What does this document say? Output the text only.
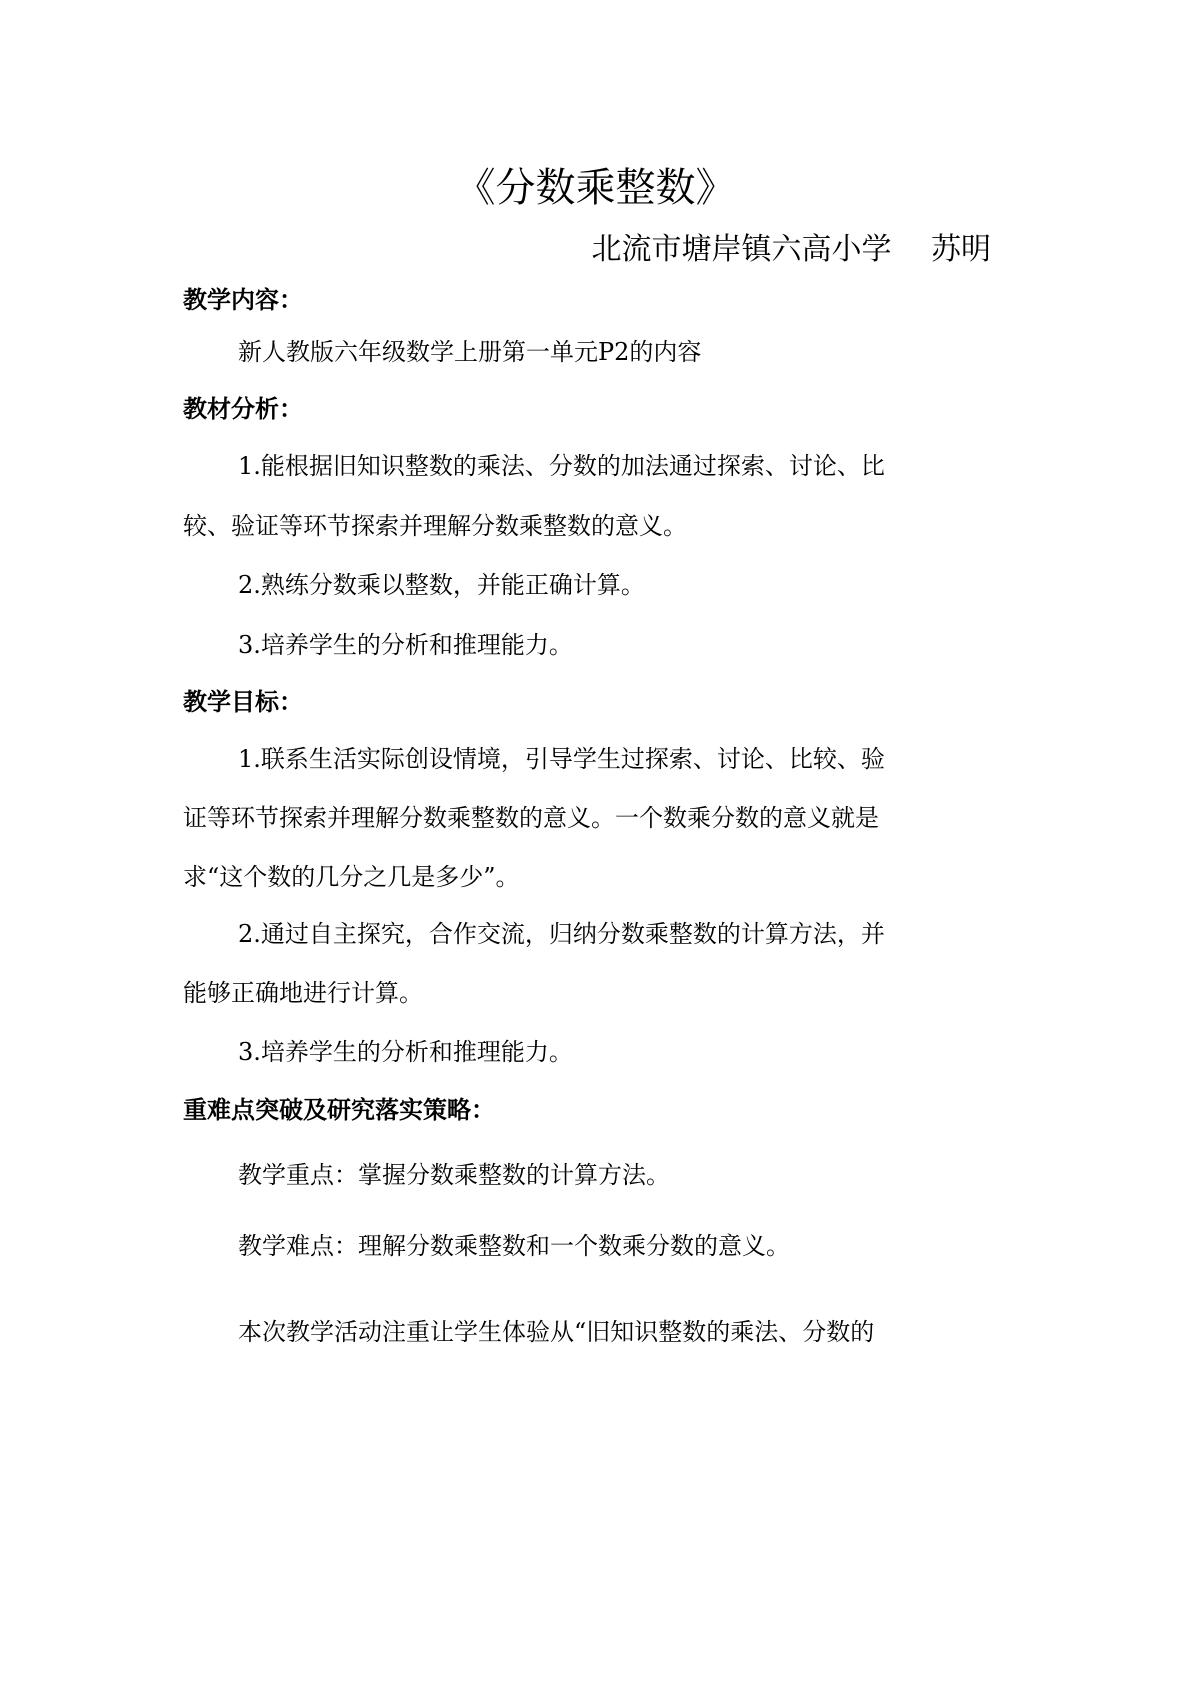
《分数乘整数》
北流市塘岸镇六高小学　 苏明
教学内容：
新人教版六年级数学上册第一单元P2的内容
教材分析：
1.能根据旧知识整数的乘法、分数的加法通过探索、讨论、比
较、验证等环节探索并理解分数乘整数的意义。
2.熟练分数乘以整数，并能正确计算。
3.培养学生的分析和推理能力。
教学目标：
1.联系生活实际创设情境，引导学生过探索、讨论、比较、验
证等环节探索并理解分数乘整数的意义。一个数乘分数的意义就是
求“这个数的几分之几是多少”。
2.通过自主探究，合作交流，归纳分数乘整数的计算方法，并
能够正确地进行计算。
3.培养学生的分析和推理能力。
重难点突破及研究落实策略：
教学重点：掌握分数乘整数的计算方法。
教学难点：理解分数乘整数和一个数乘分数的意义。
本次教学活动注重让学生体验从“旧知识整数的乘法、分数的
